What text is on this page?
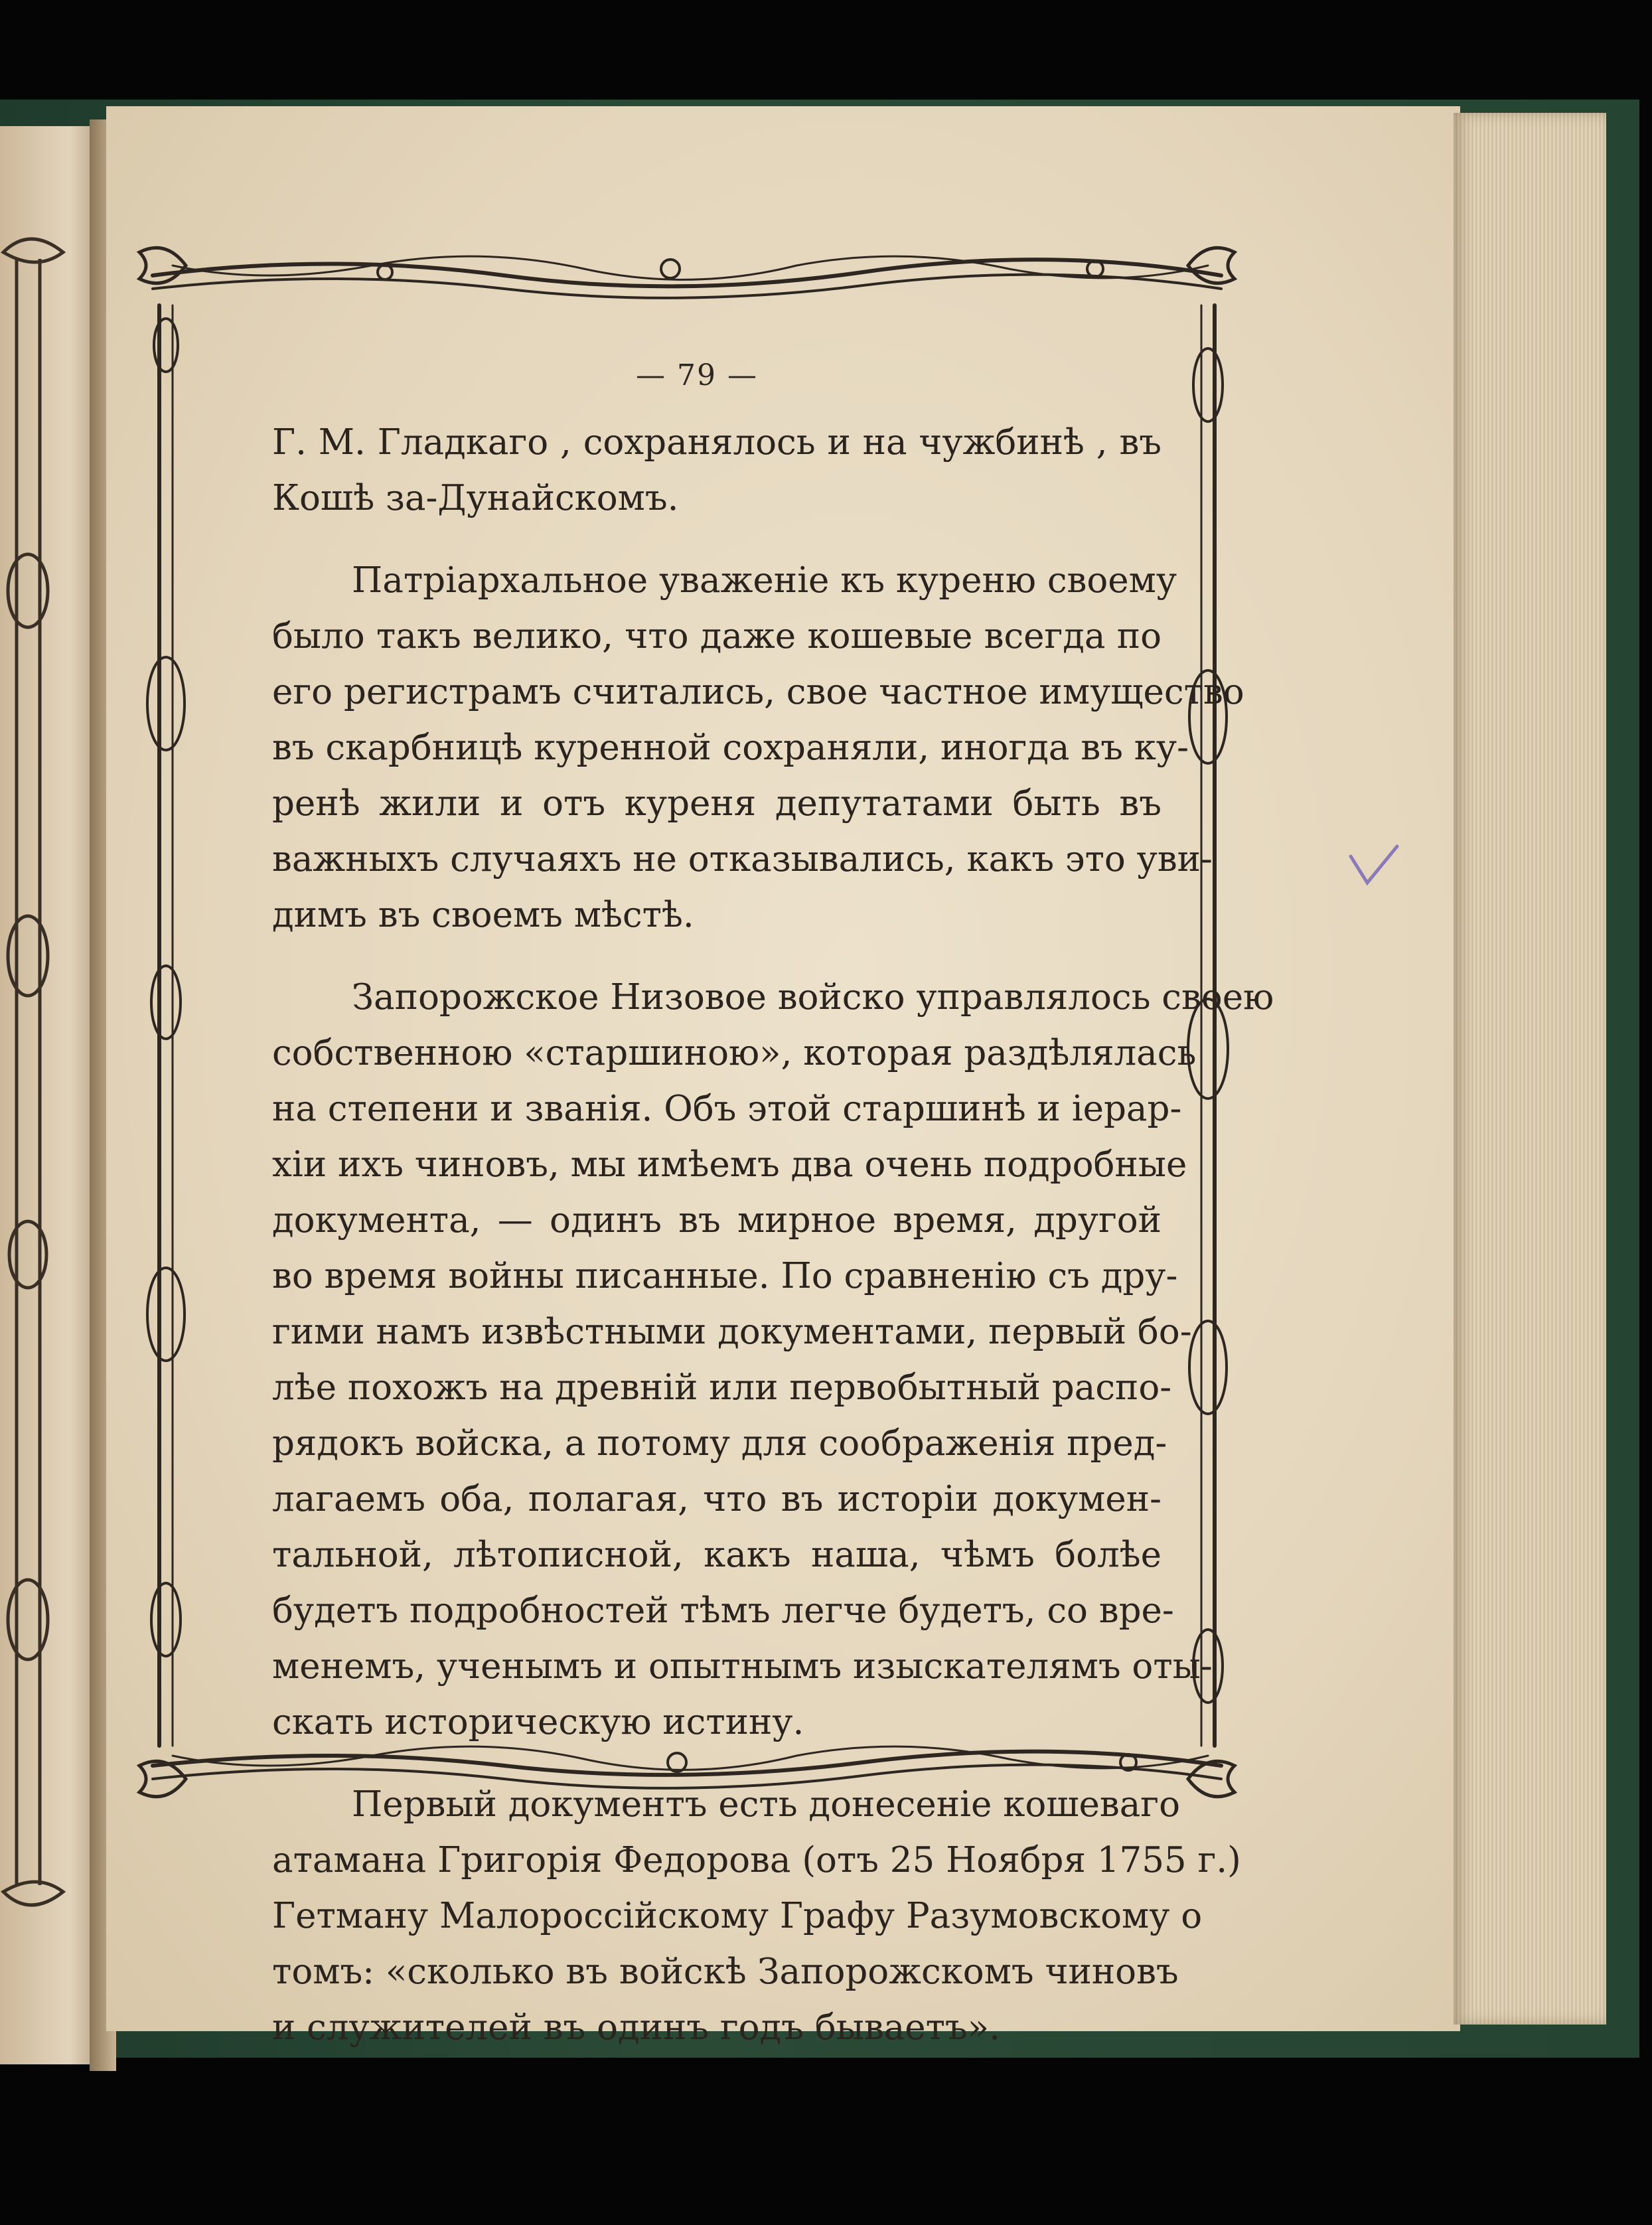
— 79 —

Г. М. Гладкаго , сохранялось и на чужбинѣ , въ
Кошѣ за-Дунайскомъ.

Патріархальное уваженіе къ куреню своему
было такъ велико, что даже кошевые всегда по
его регистрамъ считались, свое частное имущество
въ скарбницѣ куренной сохраняли, иногда въ ку-
ренѣ жили и отъ куреня депутатами быть въ
важныхъ случаяхъ не отказывались, какъ это уви-
димъ въ своемъ мѣстѣ.

Запорожское Низовое войско управлялось своею
собственною «старшиною», которая раздѣлялась
на степени и званія. Объ этой старшинѣ и іерар-
хіи ихъ чиновъ, мы имѣемъ два очень подробные
документа, — одинъ въ мирное время, другой
во время войны писанные. По сравненію съ дру-
гими намъ извѣстными документами, первый бо-
лѣе похожъ на древній или первобытный распо-
рядокъ войска, а потому для соображенія пред-
лагаемъ оба, полагая, что въ исторіи докумен-
тальной, лѣтописной, какъ наша, чѣмъ болѣе
будетъ подробностей тѣмъ легче будетъ, со вре-
менемъ, ученымъ и опытнымъ изыскателямъ оты-
скать историческую истину.

Первый документъ есть донесеніе кошеваго
атамана Григорія Федорова (отъ 25 Ноября 1755 г.)
Гетману Малороссійскому Графу Разумовскому о
томъ: «сколько въ войскѣ Запорожскомъ чиновъ
и служителей въ одинъ годъ бываетъ».
